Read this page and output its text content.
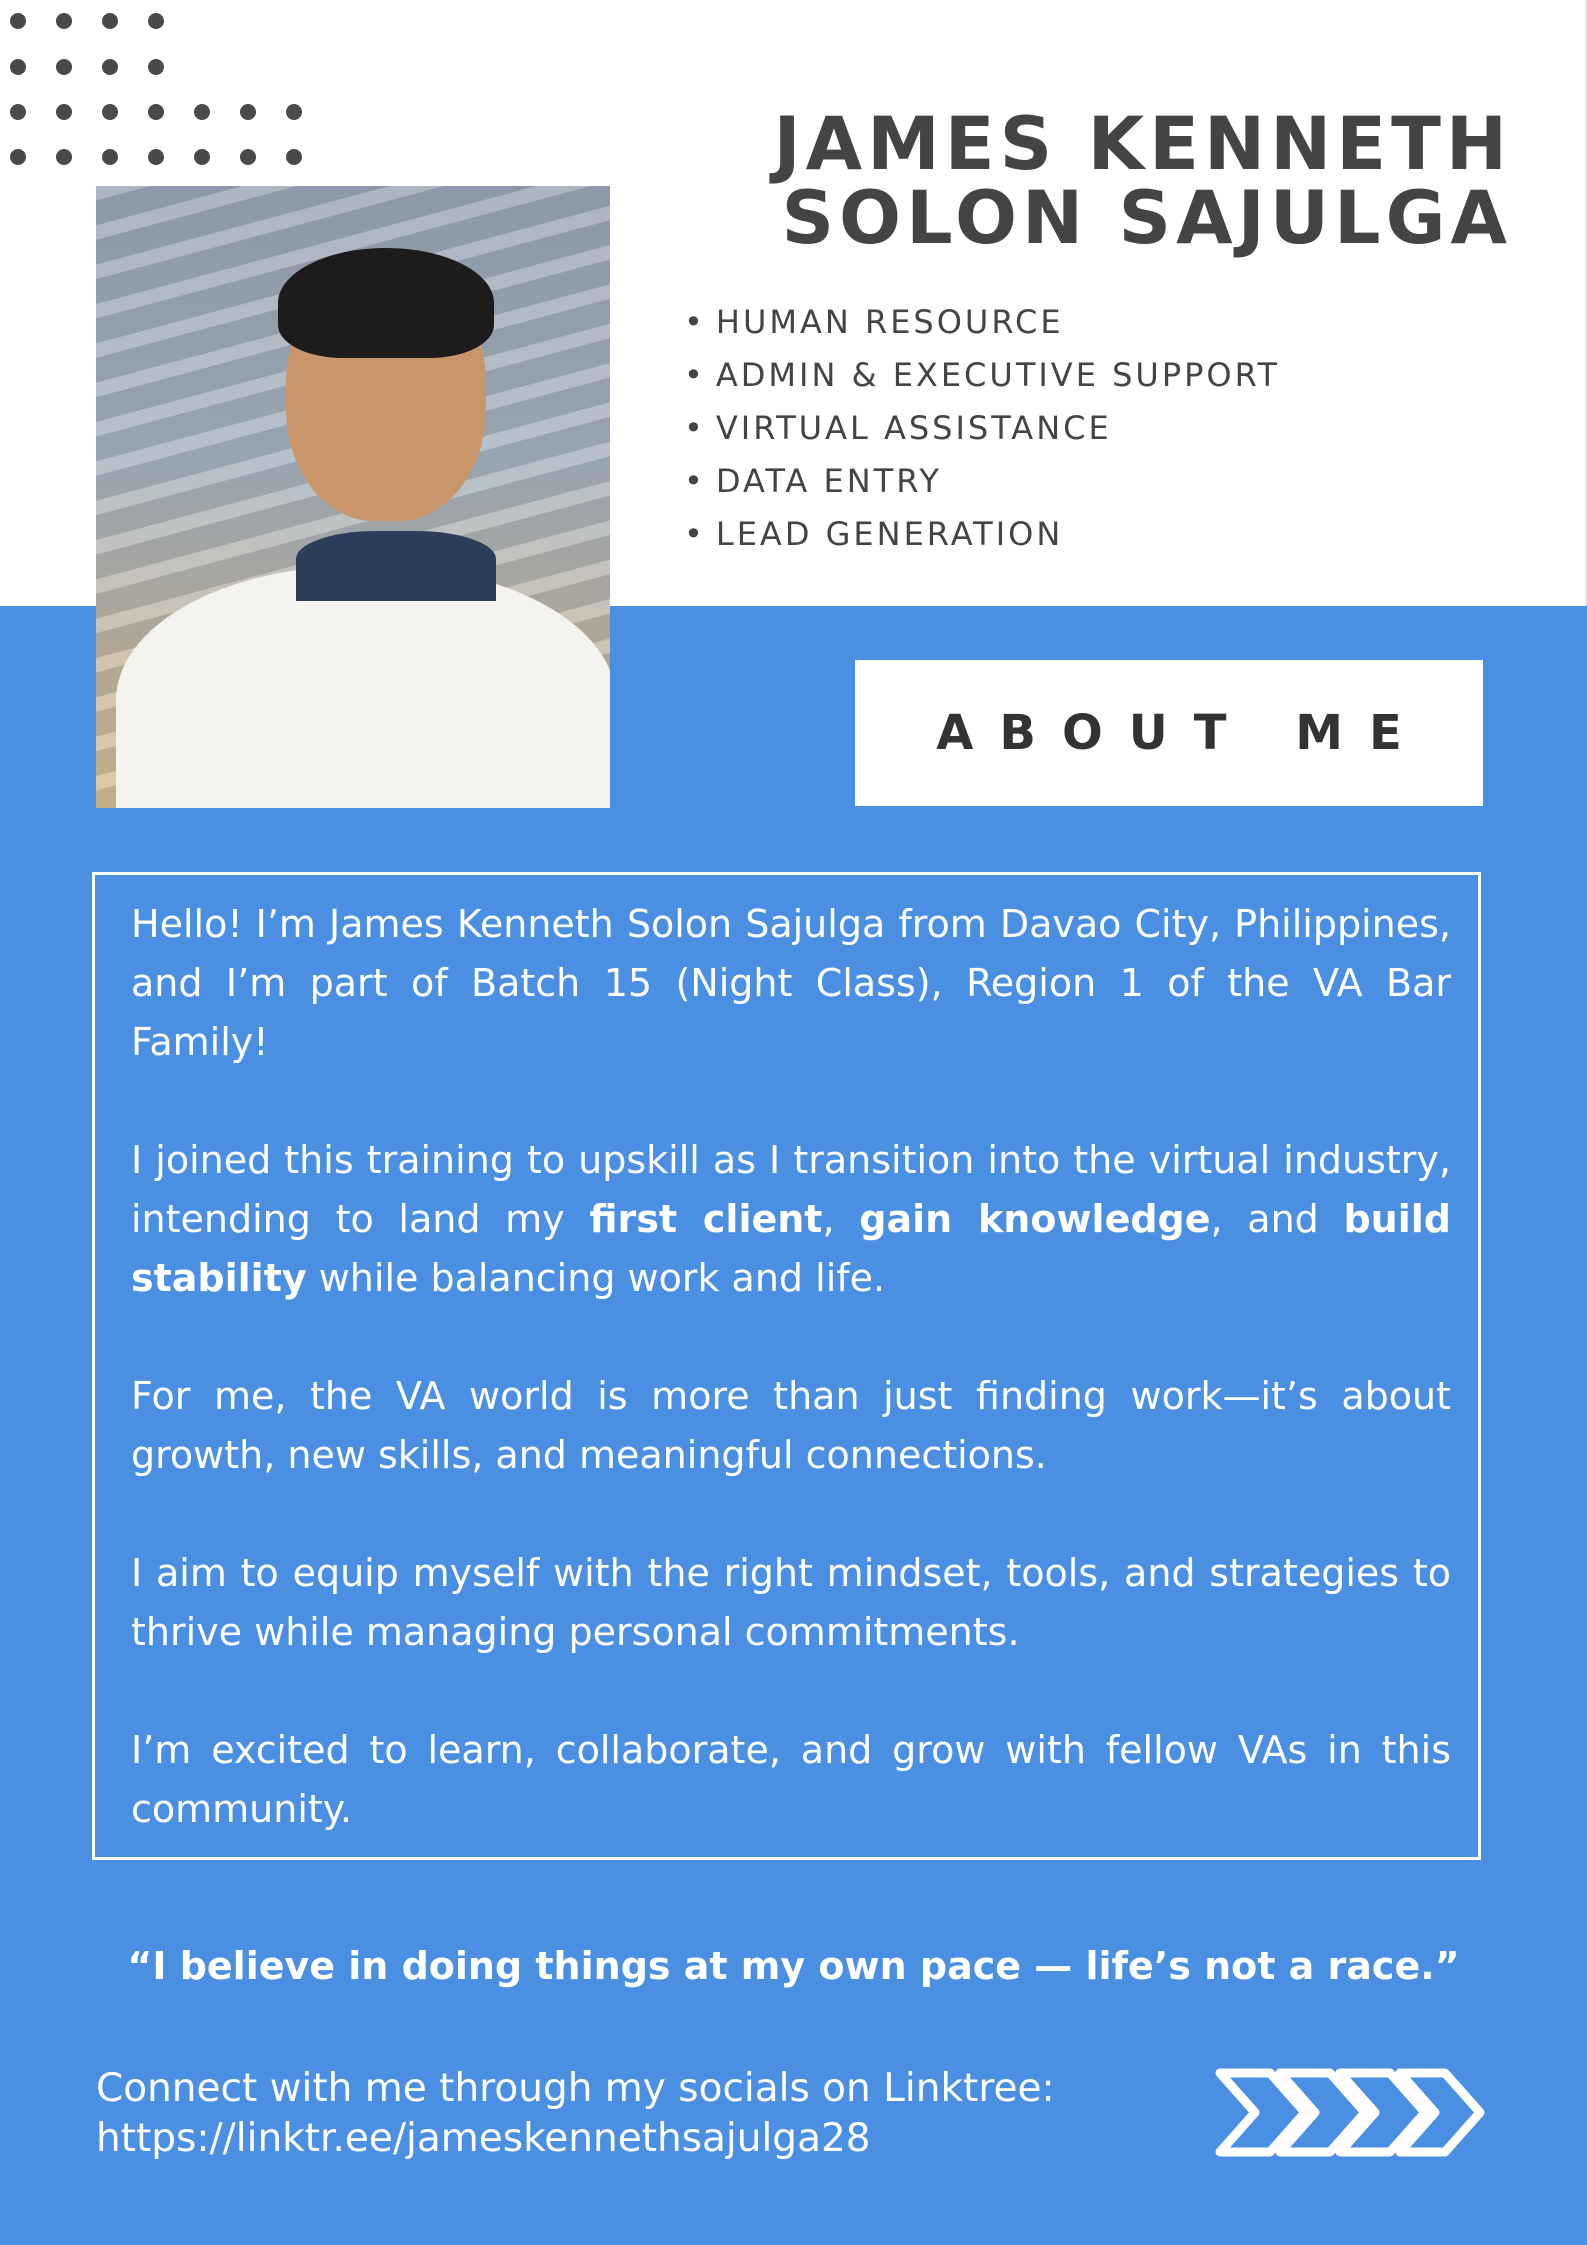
JAMES KENNETH
SOLON SAJULGA
• HUMAN RESOURCE
• ADMIN & EXECUTIVE SUPPORT
• VIRTUAL ASSISTANCE
• DATA ENTRY
• LEAD GENERATION
ABOUT ME

Hello! I’m James Kenneth Solon Sajulga from Davao City, Philippines, and I’m part of Batch 15 (Night Class), Region 1 of the VA Bar Family!

I joined this training to upskill as I transition into the virtual industry, intending to land my first client, gain knowledge, and build stability while balancing work and life.

For me, the VA world is more than just finding work—it’s about growth, new skills, and meaningful connections.

I aim to equip myself with the right mindset, tools, and strategies to thrive while managing personal commitments.

I’m excited to learn, collaborate, and grow with fellow VAs in this community.

“I believe in doing things at my own pace — life’s not a race.”

Connect with me through my socials on Linktree:
https://linktr.ee/jameskennethsajulga28
